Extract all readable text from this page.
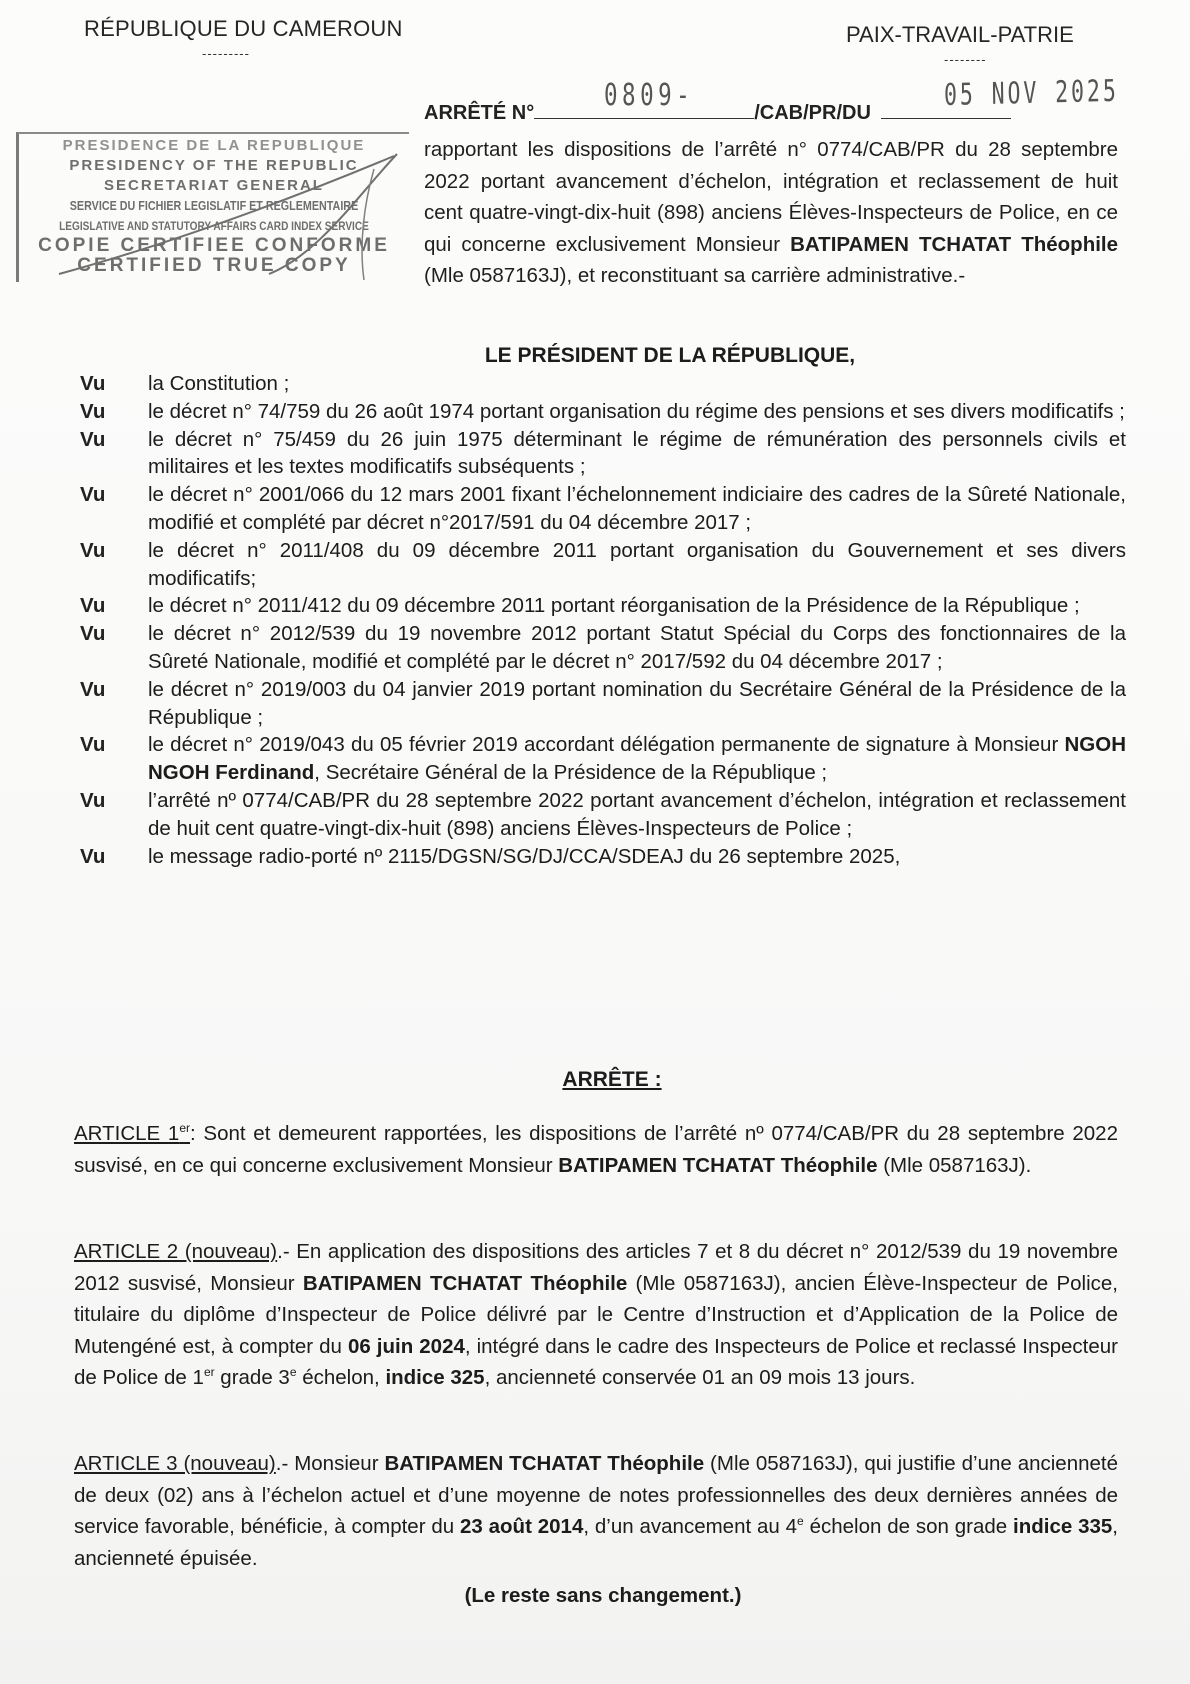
RÉPUBLIQUE DU CAMEROUN
---------
PAIX-TRAVAIL-PATRIE
--------
ARRÊTÉ N°	/CAB/PR/DU
0809-	05 NOV 2025
PRESIDENCE DE LA REPUBLIQUE
PRESIDENCY OF THE REPUBLIC
SECRETARIAT GENERAL
SERVICE DU FICHIER LEGISLATIF ET REGLEMENTAIRE
LEGISLATIVE AND STATUTORY AFFAIRS CARD INDEX SERVICE
COPIE CERTIFIEE CONFORME
CERTIFIED TRUE COPY
rapportant les dispositions de l’arrêté n° 0774/CAB/PR du 28 septembre 2022 portant avancement d’échelon, intégration et reclassement de huit cent quatre-vingt-dix-huit (898) anciens Élèves-Inspecteurs de Police, en ce qui concerne exclusivement Monsieur BATIPAMEN TCHATAT Théophile (Mle 0587163J), et reconstituant sa carrière administrative.-
LE PRÉSIDENT DE LA RÉPUBLIQUE,
Vu	la Constitution ;
Vu	le décret n° 74/759 du 26 août 1974 portant organisation du régime des pensions et ses divers modificatifs ;
Vu	le décret n° 75/459 du 26 juin 1975 déterminant le régime de rémunération des personnels civils et militaires et les textes modificatifs subséquents ;
Vu	le décret n° 2001/066 du 12 mars 2001 fixant l’échelonnement indiciaire des cadres de la Sûreté Nationale, modifié et complété par décret n°2017/591 du 04 décembre 2017 ;
Vu	le décret n° 2011/408 du 09 décembre 2011 portant organisation du Gouvernement et ses divers modificatifs;
Vu	le décret n° 2011/412 du 09 décembre 2011 portant réorganisation de la Présidence de la République ;
Vu	le décret n° 2012/539 du 19 novembre 2012 portant Statut Spécial du Corps des fonctionnaires de la Sûreté Nationale, modifié et complété par le décret n° 2017/592 du 04 décembre 2017 ;
Vu	le décret n° 2019/003 du 04 janvier 2019 portant nomination du Secrétaire Général de la Présidence de la République ;
Vu	le décret n° 2019/043 du 05 février 2019 accordant délégation permanente de signature à Monsieur NGOH NGOH Ferdinand, Secrétaire Général de la Présidence de la République ;
Vu	l’arrêté nº 0774/CAB/PR du 28 septembre 2022 portant avancement d’échelon, intégration et reclassement de huit cent quatre-vingt-dix-huit (898) anciens Élèves-Inspecteurs de Police ;
Vu	le message radio-porté nº 2115/DGSN/SG/DJ/CCA/SDEAJ du 26 septembre 2025,
ARRÊTE :
ARTICLE 1er: Sont et demeurent rapportées, les dispositions de l’arrêté nº 0774/CAB/PR du 28 septembre 2022 susvisé, en ce qui concerne exclusivement Monsieur BATIPAMEN TCHATAT Théophile (Mle 0587163J).
ARTICLE 2 (nouveau).- En application des dispositions des articles 7 et 8 du décret n° 2012/539 du 19 novembre 2012 susvisé, Monsieur BATIPAMEN TCHATAT Théophile (Mle 0587163J), ancien Élève-Inspecteur de Police, titulaire du diplôme d’Inspecteur de Police délivré par le Centre d’Instruction et d’Application de la Police de Mutengéné est, à compter du 06 juin 2024, intégré dans le cadre des Inspecteurs de Police et reclassé Inspecteur de Police de 1er grade 3e échelon, indice 325, ancienneté conservée 01 an 09 mois 13 jours.
ARTICLE 3 (nouveau).- Monsieur BATIPAMEN TCHATAT Théophile (Mle 0587163J), qui justifie d’une ancienneté de deux (02) ans à l’échelon actuel et d’une moyenne de notes professionnelles des deux dernières années de service favorable, bénéficie, à compter du 23 août 2014, d’un avancement au 4e échelon de son grade indice 335, ancienneté épuisée.
(Le reste sans changement.)
